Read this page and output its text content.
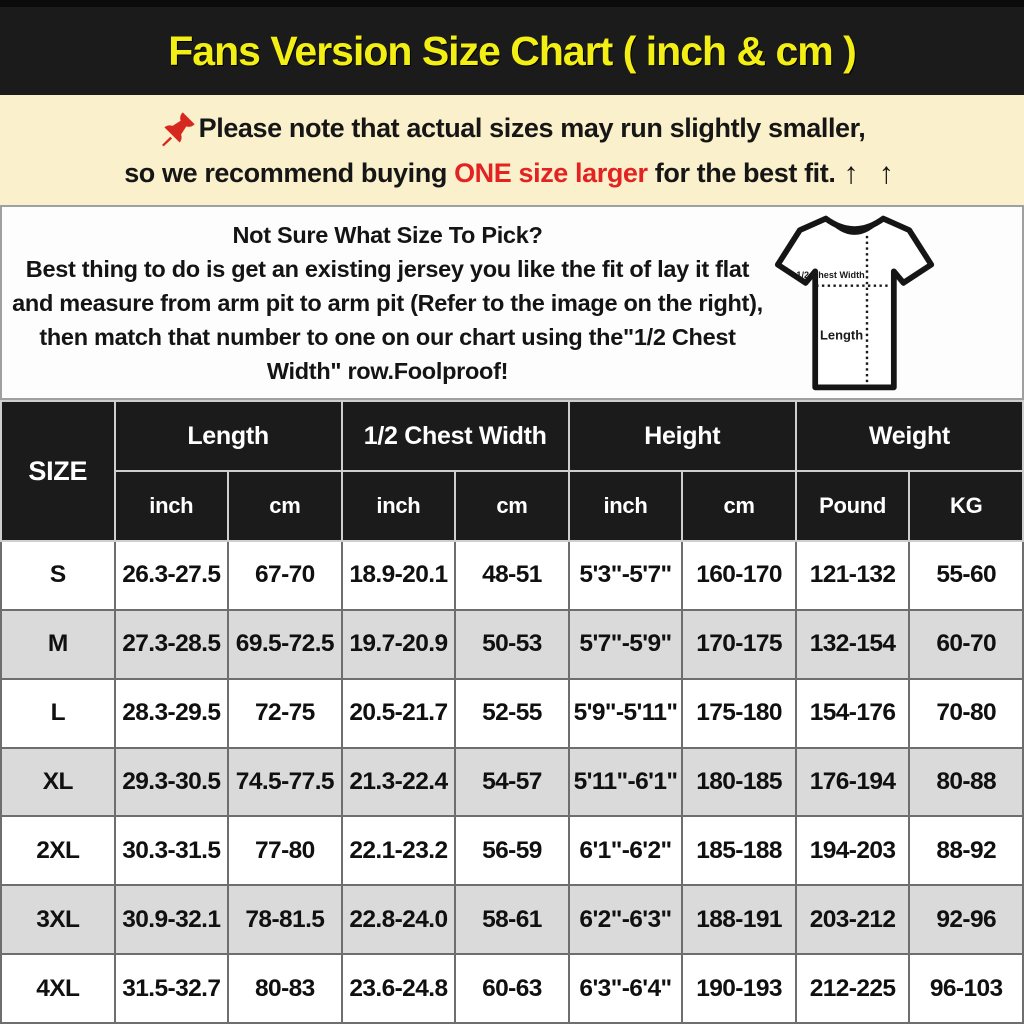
Fans Version Size Chart ( inch & cm )
Please note that actual sizes may run slightly smaller,
so we recommend buying ONE size larger for the best fit. ↑ ↑
Not Sure What Size To Pick?
Best thing to do is get an existing jersey you like the fit of lay it flat
and measure from arm pit to arm pit (Refer to the image on the right),
then match that number to one on our chart using the"1/2 Chest
Width" row.Foolproof!
1/2 Chest Width
Length
SIZE	Length		1/2 Chest Width		Height		Weight	
	inch	cm	inch	cm	inch	cm	Pound	KG
S	26.3-27.5	67-70	18.9-20.1	48-51	5'3"-5'7"	160-170	121-132	55-60
M	27.3-28.5	69.5-72.5	19.7-20.9	50-53	5'7"-5'9"	170-175	132-154	60-70
L	28.3-29.5	72-75	20.5-21.7	52-55	5'9"-5'11"	175-180	154-176	70-80
XL	29.3-30.5	74.5-77.5	21.3-22.4	54-57	5'11"-6'1"	180-185	176-194	80-88
2XL	30.3-31.5	77-80	22.1-23.2	56-59	6'1"-6'2"	185-188	194-203	88-92
3XL	30.9-32.1	78-81.5	22.8-24.0	58-61	6'2"-6'3"	188-191	203-212	92-96
4XL	31.5-32.7	80-83	23.6-24.8	60-63	6'3"-6'4"	190-193	212-225	96-103
